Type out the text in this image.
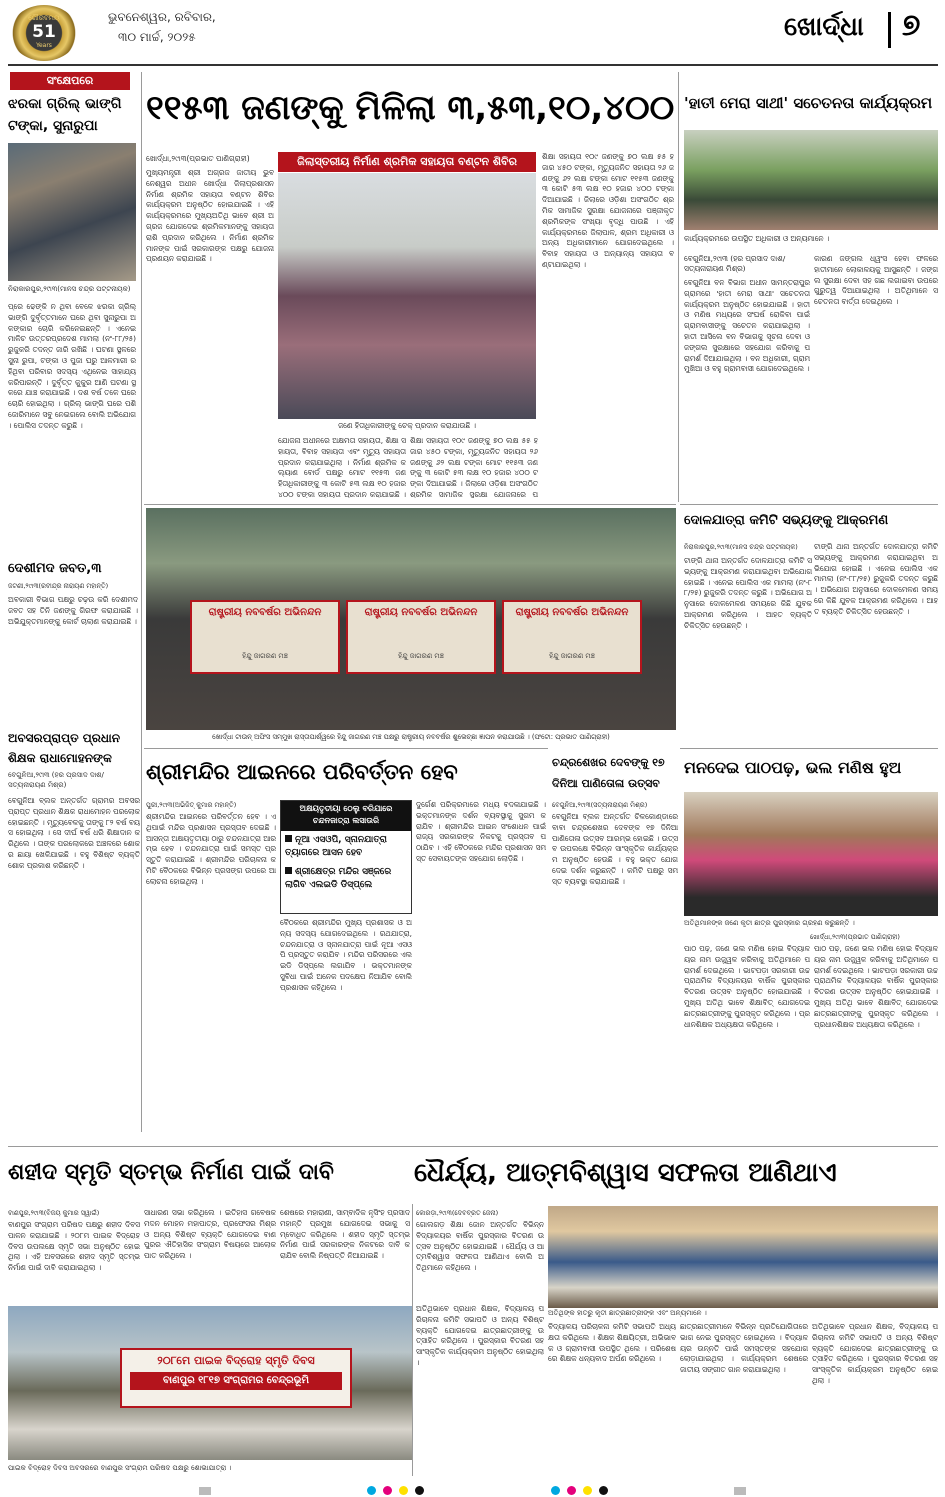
ଗୌରବମୟ
51
Years
ଭୁବନେଶ୍ୱର, ରବିବାର,
୩୦ ମାର୍ଚ୍ଚ, ୨୦୨୫	ଖୋର୍ଦ୍ଧା ୭
ସଂକ୍ଷେପରେ
ଝରକା ଗ୍ରିଲ୍ ଭାଙ୍ଗି ଟଙ୍କା, ସୁନାରୁପା
ନିରାକାରପୁର,୨୯ା୩(ମାନସ ଚନ୍ଦ୍ର ପଟ୍ଟନାୟକ)
ପ୍ରେ ଢେଙ୍କି ନ ଥିବା ବେଳେ ଝରକା ଗ୍ରିଲ୍ ଭାଙ୍ଗି ଦୁର୍ବୃତ୍ତମାନେ ଘରେ ଥିବା ସୁନାରୁପା ଅଳଙ୍କାର ଚୋରି କରିନେଇଛନ୍ତି । ଏନେଇ ମାଳିଚ ଉତ୍ତରପ୍ରଦେଶ ମାମଲା (ନଂ-୮୮/୨୫) ରୁଜୁକରି ତଦନ୍ତ ଜାରି ରଖିଛି । ଘଟଣା ସ୍ଥଳରେ ସୁନା ରୁପା, ଟଙ୍କା ଓ ପୁଜା ଘରୁ ଆଳମାରୀ ରହିଥିବା ପରିବାର ସଦସ୍ୟ ଏଥିନେଇ ସାହାଯ୍ୟ କରିପାରନ୍ତି । ଦୁର୍ବୃତ୍ତ କୁକୁର ଆଣି ଘଟଣା ସ୍ଥଳରେ ଯାଞ୍ଚ କରାଯାଇଛି । ଦଶ ବର୍ଷ ତଳେ ଘରେ ଚୋରି ହୋଇଥିଲା । ଗ୍ରିଲ୍ ଭାଙ୍ଗି ଘରେ ପଶି ଜୋରିମାନେ ସବୁ ନେଇଗଲେ ବୋଲି ଅଭିଯୋଗ । ପୋଲିସ ତଦନ୍ତ କରୁଛି ।
ଦେଶୀମଦ ଜବତ,୩
ଜଟଣୀ,୨୯ା୩(ରବୀନ୍ଦ୍ର ନାରାୟଣ ମହାନ୍ତି)
ଅବକାରୀ ବିଭାଗ ପକ୍ଷରୁ ଚଢ଼ଉ କରି ଦେଶୀମଦ ଜବତ ସହ ତିନି ଜଣଙ୍କୁ ଗିରଫ କରାଯାଇଛି । ଅଭିଯୁକ୍ତମାନଙ୍କୁ କୋର୍ଟ ଚାଲାଣ କରାଯାଇଛି ।
ଅବସରପ୍ରାପ୍ତ ପ୍ରଧାନ ଶିକ୍ଷକ ରାଧାମୋହନଙ୍କ
ବେଗୁନିଆ,୨୯ା୩ (ହର ପ୍ରସାଦ ଦାଶ/ସତ୍ୟନାରାୟଣ ମିଶ୍ର)
ବେଗୁନିଆ ବ୍ଲକ ଅନ୍ତର୍ଗତ ଗ୍ରାମର ଅବସରପ୍ରାପ୍ତ ପ୍ରଧାନ ଶିକ୍ଷକ ରାଧାମୋହନ ପରଲୋକ ହୋଇଛନ୍ତି । ମୃତ୍ୟୁବେଳକୁ ତାଙ୍କୁ ୮୨ ବର୍ଷ ବୟସ ହୋଇଥିଲା । ସେ ଦୀର୍ଘ ବର୍ଷ ଧରି ଶିକ୍ଷାଦାନ କରିଥିଲେ । ତାଙ୍କ ପରଲୋକରେ ଅଞ୍ଚଳରେ ଶୋକର ଛାୟା ଖେଳିଯାଇଛି । ବହୁ ବିଶିଷ୍ଟ ବ୍ୟକ୍ତି ଶୋକ ପ୍ରକାଶ କରିଛନ୍ତି ।
୧୧୫୩ ଜଣଙ୍କୁ ମିଳିଲା ୩,୫୩,୧୦,୪୦୦
ଖୋର୍ଦ୍ଧା,୨୯ା୩(ପ୍ରଭାତ ପାଣିଗ୍ରାହୀ)
ମୁଖ୍ୟମନ୍ତ୍ରୀ ଶ୍ରୀ ଅଗ୍ରଜ ଜାତୀୟ ଭୁବନେଶ୍ୱର ଅଧୀନ ଖୋର୍ଦ୍ଧା ଜିଲାପ୍ରଶାସନ ନିର୍ମାଣ ଶ୍ରମିକ ସହାୟତା ବଣ୍ଟନ ଶିବିର କାର୍ଯ୍ୟକ୍ରମ ଅନୁଷ୍ଠିତ ହୋଇଯାଇଛି । ଏହି କାର୍ଯ୍ୟକ୍ରମରେ ମୁଖ୍ୟଅତିଥି ଭାବେ ଶ୍ରୀ ଅଗ୍ରଜ ଯୋଗଦେଇ ଶ୍ରମିକମାନଙ୍କୁ ସହାୟତା ରାଶି ପ୍ରଦାନ କରିଥିଲେ । ନିର୍ମାଣ ଶ୍ରମିକମାନଙ୍କ ପାଇଁ ସରକାରଙ୍କ ପକ୍ଷରୁ ଯୋଜନା ପ୍ରଣୟନ କରାଯାଇଛି ।
ଜିଲାସ୍ତରୀୟ ନିର୍ମାଣ ଶ୍ରମିକ ସହାୟତା ବଣ୍ଟନ ଶିବିର
ଜଣେ ହିତାଧିକାରୀଙ୍କୁ ଚେକ୍ ପ୍ରଦାନ କରାଯାଉଛି ।
ଯୋଜନା ଅଧୀନରେ ଅକ୍ଷମତା ସହାୟତା, ଶିକ୍ଷା ସହାୟତା, ବିବାହ ସହାୟତା ଏବଂ ମୃତ୍ୟୁ ସହାୟତା ପ୍ରଦାନ କରାଯାଇଥିଲା । ନିର୍ମାଣ ଶ୍ରମିକ କଲ୍ୟାଣ ବୋର୍ଡ ପକ୍ଷରୁ ମୋଟ ୧୧୫୩ ଜଣ ହିତାଧିକାରୀଙ୍କୁ ୩ କୋଟି ୫୩ ଲକ୍ଷ ୧୦ ହଜାର ୪୦୦ ଟଙ୍କା ସହାୟତା ପ୍ରଦାନ କରାଯାଇଛି ।
ଶିକ୍ଷା ସହାୟତା ୧୦୯ ଜଣଙ୍କୁ ୭୦ ଲକ୍ଷ ୫୫ ହଜାର ୪୫୦ ଟଙ୍କା, ମୃତ୍ୟୁଜନିତ ସହାୟତା ୨୬ ଜଣଙ୍କୁ ୬୨ ଲକ୍ଷ ଟଙ୍କା ମୋଟ ୧୧୫୩ ଜଣଙ୍କୁ ୩ କୋଟି ୫୩ ଲକ୍ଷ ୧୦ ହଜାର ୪୦୦ ଟଙ୍କା ଦିଆଯାଇଛି । ଜିଲାରେ ଓଡ଼ିଶା ଅସଂଗଠିତ ଶ୍ରମିକ ସାମାଜିକ ସୁରକ୍ଷା ଯୋଜନାରେ ପ
ଶିକ୍ଷା ସହାୟତା ୧୦୯ ଜଣଙ୍କୁ ୭୦ ଲକ୍ଷ ୫୫ ହଜାର ୪୫୦ ଟଙ୍କା, ମୃତ୍ୟୁଜନିତ ସହାୟତା ୨୬ ଜଣଙ୍କୁ ୬୨ ଲକ୍ଷ ଟଙ୍କା ମୋଟ ୧୧୫୩ ଜଣଙ୍କୁ ୩ କୋଟି ୫୩ ଲକ୍ଷ ୧୦ ହଜାର ୪୦୦ ଟଙ୍କା ଦିଆଯାଇଛି । ଜିଲାରେ ଓଡ଼ିଶା ଅସଂଗଠିତ ଶ୍ରମିକ ସାମାଜିକ ସୁରକ୍ଷା ଯୋଜନାରେ ପଞ୍ଜୀକୃତ ଶ୍ରମିକଙ୍କ ସଂଖ୍ୟା ବୃଦ୍ଧି ପାଉଛି । ଏହି କାର୍ଯ୍ୟକ୍ରମରେ ଜିଲାପାଳ, ଶ୍ରମ ଅଧିକାରୀ ଓ ଅନ୍ୟ ଅଧିକାରୀମାନେ ଯୋଗଦେଇଥିଲେ । ବିବାହ ସହାୟତା ଓ ଅନ୍ୟାନ୍ୟ ସହାୟତା ବଣ୍ଟାଯାଇଥିଲା ।
'ହାତୀ ମେରା ସାଥୀ' ସଚେତନତା କାର୍ଯ୍ୟକ୍ରମ
କାର୍ଯ୍ୟକ୍ରମରେ ଉପସ୍ଥିତ ଅଧିକାରୀ ଓ ଅନ୍ୟମାନେ ।
ବେଗୁନିଆ,୨୯ା୩ (ହର ପ୍ରସାଦ ଦାଶ/ସତ୍ୟନାରାୟଣ ମିଶ୍ର)
ବେଗୁନିଆ ବନ ବିଭାଗ ଅଧୀନ ସାମନ୍ତରାପୁର ଗ୍ରାମରେ 'ହାତୀ ମେରା ସାଥୀ' ସଚେତନତା କାର୍ଯ୍ୟକ୍ରମ ଅନୁଷ୍ଠିତ ହୋଇଯାଇଛି । ହାତୀ ଓ ମଣିଷ ମଧ୍ୟରେ ସଂଘର୍ଷ ରୋକିବା ପାଇଁ ଗ୍ରାମବାସୀଙ୍କୁ ସଚେତନ କରାଯାଇଥିଲା । ହାତୀ ଆସିଲେ ବନ ବିଭାଗକୁ ସୂଚନା ଦେବା ଓ ଜଙ୍ଗଲ ସୁରକ୍ଷାରେ ସହଯୋଗ କରିବାକୁ ପରାମର୍ଶ ଦିଆଯାଇଥିଲା । ବନ ଅଧିକାରୀ, ଗ୍ରାମ ମୁଖିଆ ଓ ବହୁ ଗ୍ରାମବାସୀ ଯୋଗଦେଇଥିଲେ ।
କାରଣ ଜଙ୍ଗଲ ଧ୍ୱଂସ ହେବା ଫଳରେ ହାତୀମାନେ ଲୋକାଳୟକୁ ଆସୁଛନ୍ତି । ଜଙ୍ଗଲ ସୁରକ୍ଷା ଦେବା ସହ ଗଛ ଲଗାଇବା ଉପରେ ଗୁରୁତ୍ୱ ଦିଆଯାଇଥିଲା । ଅତିଥିମାନେ ସଚେତନତା ବାର୍ତ୍ତା ଦେଇଥିଲେ ।
ରାଷ୍ଟ୍ରୀୟ ନବବର୍ଷର ଅଭିନନ୍ଦନ
ହିନ୍ଦୁ ଜାଗରଣ ମଞ୍ଚ
ରାଷ୍ଟ୍ରୀୟ ନବବର୍ଷର ଅଭିନନ୍ଦନ
ହିନ୍ଦୁ ଜାଗରଣ ମଞ୍ଚ
ରାଷ୍ଟ୍ରୀୟ ନବବର୍ଷର ଅଭିନନ୍ଦନ
ହିନ୍ଦୁ ଜାଗରଣ ମଞ୍ଚ
ଖୋର୍ଦ୍ଧା ଟାଉନ୍ ଅଫିସ ସମ୍ମୁଖ ରାସ୍ତାପାର୍ଶ୍ୱରେ ହିନ୍ଦୁ ଜାଗରଣ ମଞ୍ଚ ପକ୍ଷରୁ ରାଷ୍ଟ୍ରୀୟ ନବବର୍ଷର ଶୁଭେଚ୍ଛା ଜ୍ଞାପନ କରାଯାଉଛି । (ଫଟୋ: ପ୍ରଭାତ ପାଣିଗ୍ରାହୀ)
ଦୋଳଯାତ୍ରା କମିଟି ସଭ୍ୟଙ୍କୁ ଆକ୍ରମଣ
ନିରାକାରପୁର,୨୯ା୩(ମାନସ ଚନ୍ଦ୍ର ପଟ୍ଟନାୟକ)
ଟାଙ୍ଗି ଥାନା ଅନ୍ତର୍ଗତ ଦୋଳଯାତ୍ରା କମିଟି ସଭ୍ୟଙ୍କୁ ଆକ୍ରମଣ କରାଯାଇଥିବା ଅଭିଯୋଗ ହୋଇଛି । ଏନେଇ ପୋଲିସ ଏକ ମାମଲା (ନଂ-୮୮/୨୫) ରୁଜୁକରି ତଦନ୍ତ କରୁଛି । ଅଭିଯୋଗ ଅନୁସାରେ ଦୋଳମେଳଣ ସମୟରେ କିଛି ଯୁବକ ଆକ୍ରମଣ କରିଥିଲେ । ଆହତ ବ୍ୟକ୍ତି ଚିକିତ୍ସିତ ହେଉଛନ୍ତି ।
ଟାଙ୍ଗି ଥାନା ଅନ୍ତର୍ଗତ ଦୋଳଯାତ୍ରା କମିଟି ସଭ୍ୟଙ୍କୁ ଆକ୍ରମଣ କରାଯାଇଥିବା ଅଭିଯୋଗ ହୋଇଛି । ଏନେଇ ପୋଲିସ ଏକ ମାମଲା (ନଂ-୮୮/୨୫) ରୁଜୁକରି ତଦନ୍ତ କରୁଛି । ଅଭିଯୋଗ ଅନୁସାରେ ଦୋଳମେଳଣ ସମୟରେ କିଛି ଯୁବକ ଆକ୍ରମଣ କରିଥିଲେ । ଆହତ ବ୍ୟକ୍ତି ଚିକିତ୍ସିତ ହେଉଛନ୍ତି ।
ଶ୍ରୀମନ୍ଦିର ଆଇନରେ ପରିବର୍ତ୍ତନ ହେବ
ପୁରୀ,୨୯ା୩(ଅଭିଜିତ୍ କୁମାର ମହାନ୍ତି)
ଶ୍ରୀମନ୍ଦିର ଆଇନରେ ପରିବର୍ତ୍ତନ ହେବ । ଏଥିପାଇଁ ମନ୍ଦିର ପ୍ରଶାସନ ପ୍ରସ୍ତାବ ଦେଇଛି । ଆସନ୍ତା ଅକ୍ଷୟତୃତୀୟା ଠାରୁ ଚନ୍ଦନଯାତ୍ରା ଆରମ୍ଭ ହେବ । ଚନ୍ଦନଯାତ୍ରା ପାଇଁ ସମସ୍ତ ପ୍ରସ୍ତୁତି କରାଯାଇଛି । ଶ୍ରୀମନ୍ଦିର ପରିଚାଳନା କମିଟି ବୈଠକରେ ବିଭିନ୍ନ ପ୍ରସଙ୍ଗ ଉପରେ ଆଲୋଚନା ହୋଇଥିଲା ।
ଅକ୍ଷୟତୃତୀୟା ଠେଲୁ ବରିଯାରେ ଚନ୍ଦନଜାତ୍ରା ଲସାଉରି
ନୂଆ ଏସଓପି, ସ୍ନାନଯାତ୍ରା ତ୍ୟାଗରେ ଆସନ ହେବ
ଶ୍ରୀକ୍ଷେତ୍ର ମନ୍ଦିର ସଞ୍ଜରେ ଲାଗିବ ଏଲଇଡି ଡିସ୍‌ପ୍ଲେ
ବୈଠକରେ ଶ୍ରୀମନ୍ଦିର ମୁଖ୍ୟ ପ୍ରଶାସକ ଓ ଅନ୍ୟ ସଦସ୍ୟ ଯୋଗଦେଇଥିଲେ । ରଥଯାତ୍ରା, ଚନ୍ଦନଯାତ୍ରା ଓ ସ୍ନାନଯାତ୍ରା ପାଇଁ ନୂଆ ଏସଓପି ପ୍ରସ୍ତୁତ କରାଯିବ । ମନ୍ଦିର ପରିସରରେ ଏଲଇଡି ଡିସ୍‌ପ୍ଲେ ଲଗାଯିବ । ଭକ୍ତମାନଙ୍କ ସୁବିଧା ପାଇଁ ଅନେକ ପଦକ୍ଷେପ ନିଆଯିବ ବୋଲି ପ୍ରଶାସକ କହିଥିଲେ ।
ଦୁର୍ଗେଶ ପରିକ୍ରମାରେ ମଧ୍ୟ ବଦଳାଯାଇଛି । ଭକ୍ତମାନଙ୍କ ଦର୍ଶନ ବ୍ୟବସ୍ଥାକୁ ସୁଗମ କରାଯିବ । ଶ୍ରୀମନ୍ଦିର ଆଇନ ସଂଶୋଧନ ପାଇଁ ରାଜ୍ୟ ସରକାରଙ୍କ ନିକଟକୁ ପ୍ରସ୍ତାବ ପଠାଯିବ । ଏହି ବୈଠକରେ ମନ୍ଦିର ପ୍ରଶାସନ ସମସ୍ତ ସେବାୟତଙ୍କ ସହଯୋଗ ଲୋଡ଼ିଛି ।
ଚନ୍ଦ୍ରଶେଖର ଦେବଙ୍କୁ ୧୭ ଦିନିଆ ପାଣିତୋଳା ଉତ୍ସବ
ବେଗୁନିଆ,୨୯ା୩(ସତ୍ୟନାରାୟଣ ମିଶ୍ର)
ବେଗୁନିଆ ବ୍ଲକ ଅନ୍ତର୍ଗତ ଚିଳକୋଣ୍ଡାରେ ବାବା ଚନ୍ଦ୍ରଶେଖର ଦେବଙ୍କ ୧୭ ଦିନିଆ ପାଣିତୋଳା ଉତ୍ସବ ଆରମ୍ଭ ହୋଇଛି । ଉତ୍ସବ ଉପଲକ୍ଷେ ବିଭିନ୍ନ ସାଂସ୍କୃତିକ କାର୍ଯ୍ୟକ୍ରମ ଅନୁଷ୍ଠିତ ହେଉଛି । ବହୁ ଭକ୍ତ ଯୋଗଦେଇ ଦର୍ଶନ କରୁଛନ୍ତି । କମିଟି ପକ୍ଷରୁ ସମସ୍ତ ବ୍ୟବସ୍ଥା କରାଯାଇଛି ।
ମନଦେଇ ପାଠପଢ଼, ଭଲ ମଣିଷ ହୁଅ
ଅତିଥିମାନଙ୍କ ଜଣେ କୃତୀ ଛାତ୍ର ପୁରସ୍କାର ଗ୍ରହଣ କରୁଛନ୍ତି ।
ଖୋର୍ଦ୍ଧା,୨୯ା୩(ପ୍ରଭାତ ପାଣିଗ୍ରାହୀ)
ପାଠ ପଢ଼, ଜଣେ ଭଲ ମଣିଷ ହୋଇ ବିଦ୍ୟାଳୟର ନାମ ଉଜ୍ଜ୍ୱଳ କରିବାକୁ ଅତିଥିମାନେ ପରାମର୍ଶ ଦେଇଥିଲେ । ଭାଟପଡ଼ା ସରକାରୀ ଉଚ୍ଚ ପ୍ରାଥମିକ ବିଦ୍ୟାଳୟର ବାର୍ଷିକ ପୁରସ୍କାର ବିତରଣ ଉତ୍ସବ ଅନୁଷ୍ଠିତ ହୋଇଯାଇଛି । ମୁଖ୍ୟ ଅତିଥି ଭାବେ ଶିକ୍ଷାବିତ୍ ଯୋଗଦେଇ ଛାତ୍ରଛାତ୍ରୀଙ୍କୁ ପୁରସ୍କୃତ କରିଥିଲେ । ପ୍ରଧାନଶିକ୍ଷକ ଅଧ୍ୟକ୍ଷତା କରିଥିଲେ ।
ପାଠ ପଢ଼, ଜଣେ ଭଲ ମଣିଷ ହୋଇ ବିଦ୍ୟାଳୟର ନାମ ଉଜ୍ଜ୍ୱଳ କରିବାକୁ ଅତିଥିମାନେ ପରାମର୍ଶ ଦେଇଥିଲେ । ଭାଟପଡ଼ା ସରକାରୀ ଉଚ୍ଚ ପ୍ରାଥମିକ ବିଦ୍ୟାଳୟର ବାର୍ଷିକ ପୁରସ୍କାର ବିତରଣ ଉତ୍ସବ ଅନୁଷ୍ଠିତ ହୋଇଯାଇଛି । ମୁଖ୍ୟ ଅତିଥି ଭାବେ ଶିକ୍ଷାବିତ୍ ଯୋଗଦେଇ ଛାତ୍ରଛାତ୍ରୀଙ୍କୁ ପୁରସ୍କୃତ କରିଥିଲେ । ପ୍ରଧାନଶିକ୍ଷକ ଅଧ୍ୟକ୍ଷତା କରିଥିଲେ ।
ଶହୀଦ ସ୍ମୃତି ସ୍ତମ୍ଭ ନିର୍ମାଣ ପାଇଁ ଦାବି	ଧୈର୍ଯ୍ୟ, ଆତ୍ମବିଶ୍ୱାସ ସଫଳତା ଆଣିଥାଏ
ବାଣପୁର,୨୯ା୩(ବିଜୟ କୁମାର ସ୍ୱାଇଁ)
ବାଣପୁର ସଂଗ୍ରାମ ପରିଷଦ ପକ୍ଷରୁ ଶହୀଦ ଦିବସ ପାଳନ କରାଯାଇଛି । ୨୦୮ମ ପାଇକ ବିଦ୍ରୋହ ଦିବସ ଉପଲକ୍ଷେ ସ୍ମୃତି ସଭା ଅନୁଷ୍ଠିତ ହୋଇଥିଲା । ଏହି ଅବସରରେ ଶହୀଦ ସ୍ମୃତି ସ୍ତମ୍ଭ ନିର୍ମାଣ ପାଇଁ ଦାବି କରାଯାଇଥିଲା ।
ସାଧାରଣ ସଭା କରିଥିଲେ । ଇତିହାସ ଗବେଷକ ମଦନ ମୋହନ ମହାପାତ୍ର, ପ୍ରଫେସର ମିଶ୍ର ଓ ଅନ୍ୟ ବିଶିଷ୍ଟ ବ୍ୟକ୍ତି ଯୋଗଦେଇ ବାଣପୁରର ଐତିହାସିକ ସଂଗ୍ରାମ ବିଷୟରେ ଆଲୋକପାତ କରିଥିଲେ ।
ଶେଷରେ ମହାରାଣୀ, ସାମ୍ବାଦିକ ନୃସିଂହ ପ୍ରସାଦ ମହାନ୍ତି ପ୍ରମୁଖ ଯୋଗଦେଇ ସଭାକୁ ସମ୍ବୋଧିତ କରିଥିଲେ । ଶହୀଦ ସ୍ମୃତି ସ୍ତମ୍ଭ ନିର୍ମାଣ ପାଇଁ ସରକାରଙ୍କ ନିକଟରେ ଦାବି କରାଯିବ ବୋଲି ନିଷ୍ପତ୍ତି ନିଆଯାଇଛି ।
୨୦୮ମେ ପାଇକ ବିଦ୍ରୋହ ସ୍ମୃତି ଦିବସ
ବାଣପୁର ୧୮୧୭ ସଂଗ୍ରାମର ବେନ୍ଦ୍ରଭୂମି
ପାଇକ ବିଦ୍ରୋହ ଦିବସ ଅବସରରେ ବାଣପୁର ସଂଗ୍ରାମ ପରିଷଦ ପକ୍ଷରୁ ଶୋଭାଯାତ୍ରା ।
କୋରଡ଼ା,୨୯ା୩(ଦେବବ୍ରତ ଜେନା)
ଗୋଲଗଡ଼ ଶିକ୍ଷା ଜୋନ ଅନ୍ତର୍ଗତ ବିଭିନ୍ନ ବିଦ୍ୟାଳୟର ବାର୍ଷିକ ପୁରସ୍କାର ବିତରଣ ଉତ୍ସବ ଅନୁଷ୍ଠିତ ହୋଇଯାଇଛି । ଧୈର୍ଯ୍ୟ ଓ ଆତ୍ମବିଶ୍ୱାସ ସଫଳତା ଆଣିଥାଏ ବୋଲି ଅତିଥିମାନେ କହିଥିଲେ ।
ଅତିଥିଙ୍କ ହାତରୁ କୃତୀ ଛାତ୍ରଛାତ୍ରୀଙ୍କ ଏବଂ ଅନ୍ୟମାନେ ।
ଅତିଥିଭାବେ ପ୍ରଧାନ ଶିକ୍ଷକ, ବିଦ୍ୟାଳୟ ପରିଚାଳନା କମିଟି ସଭାପତି ଓ ଅନ୍ୟ ବିଶିଷ୍ଟ ବ୍ୟକ୍ତି ଯୋଗଦେଇ ଛାତ୍ରଛାତ୍ରୀଙ୍କୁ ଉତ୍ସାହିତ କରିଥିଲେ । ପୁରସ୍କାର ବିତରଣ ସହ ସାଂସ୍କୃତିକ କାର୍ଯ୍ୟକ୍ରମ ଅନୁଷ୍ଠିତ ହୋଇଥିଲା ।
ବିଦ୍ୟାଳୟ ପରିଚାଳନା କମିଟି ସଭାପତି ଅଧ୍ୟକ୍ଷତା କରିଥିଲେ । ଶିକ୍ଷକ ଶିକ୍ଷୟିତ୍ରୀ, ଅଭିଭାବକ ଓ ଗ୍ରାମବାସୀ ଉପସ୍ଥିତ ଥିଲେ । ପରିଶେଷରେ ଶିକ୍ଷକ ଧନ୍ୟବାଦ ଅର୍ପଣ କରିଥିଲେ ।
ଛାତ୍ରଛାତ୍ରୀମାନେ ବିଭିନ୍ନ ପ୍ରତିଯୋଗିତାରେ ଭାଗ ନେଇ ପୁରସ୍କୃତ ହୋଇଥିଲେ । ବିଦ୍ୟାଳୟର ଉନ୍ନତି ପାଇଁ ସମସ୍ତଙ୍କ ସହଯୋଗ ଲୋଡ଼ାଯାଇଥିଲା । କାର୍ଯ୍ୟକ୍ରମ ଶେଷରେ ଜାତୀୟ ସଙ୍ଗୀତ ଗାନ କରାଯାଇଥିଲା ।
ଅତିଥିଭାବେ ପ୍ରଧାନ ଶିକ୍ଷକ, ବିଦ୍ୟାଳୟ ପରିଚାଳନା କମିଟି ସଭାପତି ଓ ଅନ୍ୟ ବିଶିଷ୍ଟ ବ୍ୟକ୍ତି ଯୋଗଦେଇ ଛାତ୍ରଛାତ୍ରୀଙ୍କୁ ଉତ୍ସାହିତ କରିଥିଲେ । ପୁରସ୍କାର ବିତରଣ ସହ ସାଂସ୍କୃତିକ କାର୍ଯ୍ୟକ୍ରମ ଅନୁଷ୍ଠିତ ହୋଇଥିଲା ।
